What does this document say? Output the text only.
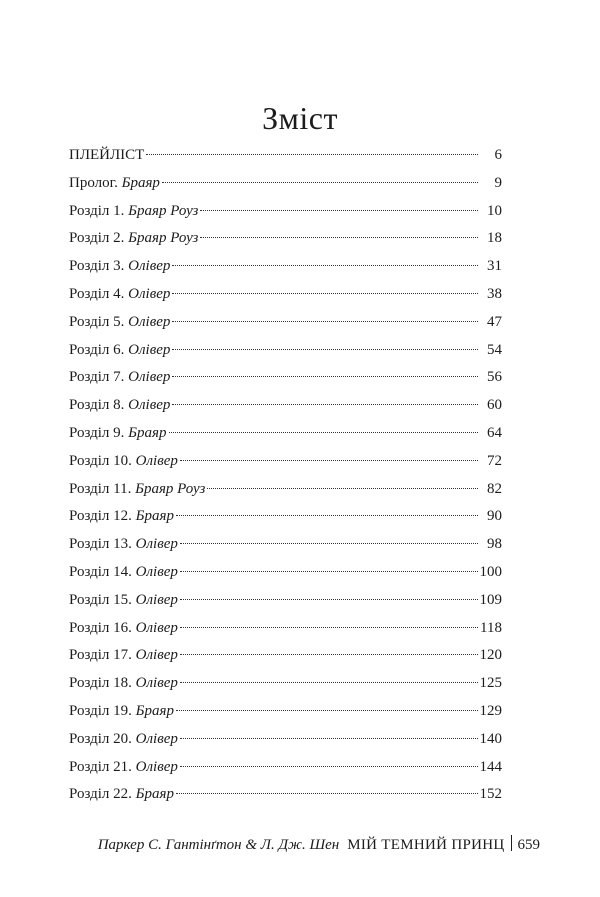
Зміст
ПЛЕЙЛІСТ	6
Пролог. Браяр	9
Розділ 1. Браяр Роуз	10
Розділ 2. Браяр Роуз	18
Розділ 3. Олівер	31
Розділ 4. Олівер	38
Розділ 5. Олівер	47
Розділ 6. Олівер	54
Розділ 7. Олівер	56
Розділ 8. Олівер	60
Розділ 9. Браяр	64
Розділ 10. Олівер	72
Розділ 11. Браяр Роуз	82
Розділ 12. Браяр	90
Розділ 13. Олівер	98
Розділ 14. Олівер	100
Розділ 15. Олівер	109
Розділ 16. Олівер	118
Розділ 17. Олівер	120
Розділ 18. Олівер	125
Розділ 19. Браяр	129
Розділ 20. Олівер	140
Розділ 21. Олівер	144
Розділ 22. Браяр	152
Паркер С. Гантінґтон & Л. Дж. Шен МІЙ ТЕМНИЙ ПРИНЦ 659
